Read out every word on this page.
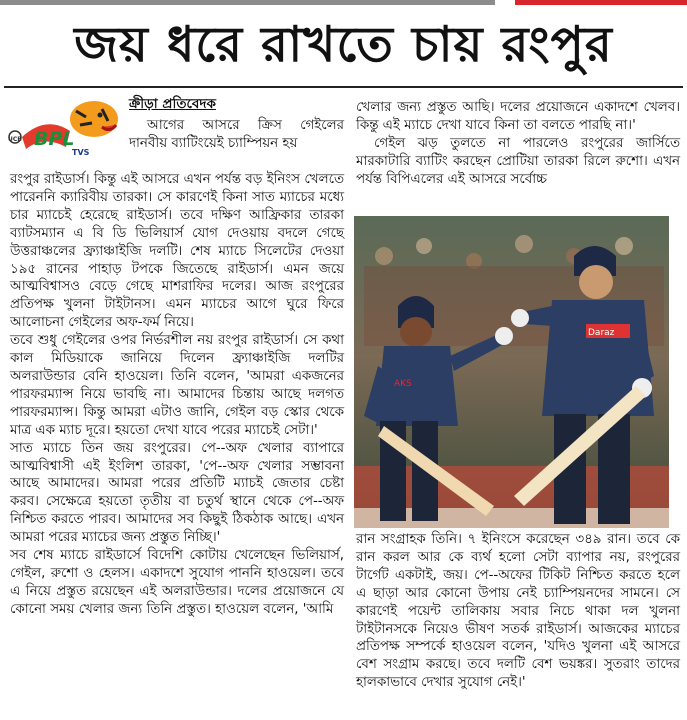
জয় ধরে রাখতে চায় রংপুর
UCB BPL
TVS
ক্রীড়া প্রতিবেদক

আগের আসরে ক্রিস গেইলের দানবীয় ব্যাটিংয়েই চ্যাম্পিয়ন হয়

রংপুর রাইডার্স। কিন্তু এই আসরে এখন পর্যন্ত বড় ইনিংস খেলতে পারেননি ক্যারিবীয় তারকা। সে কারণেই কিনা সাত ম্যাচের মধ্যে চার ম্যাচেই হেরেছে রাইডার্স। তবে দক্ষিণ আফ্রিকার তারকা ব্যাটসম্যান এ বি ডি ভিলিয়ার্স যোগ দেওয়ায় বদলে গেছে উত্তরাঞ্চলের ফ্র্যাঞ্চাইজি দলটি। শেষ ম্যাচে সিলেটের দেওয়া ১৯৫ রানের পাহাড় টপকে জিতেছে রাইডার্স। এমন জয়ে আত্মবিশ্বাসও বেড়ে গেছে মাশরাফির দলের। আজ রংপুরের প্রতিপক্ষ খুলনা টাইটানস। এমন ম্যাচের আগে ঘুরে ফিরে আলোচনা গেইলের অফ-ফর্ম নিয়ে।

তবে শুধু গেইলের ওপর নির্ভরশীল নয় রংপুর রাইডার্স। সে কথা কাল মিডিয়াকে জানিয়ে দিলেন ফ্র্যাঞ্চাইজি দলটির অলরাউন্ডার বেনি হাওয়েল। তিনি বলেন, 'আমরা একজনের পারফরম্যান্স নিয়ে ভাবছি না। আমাদের চিন্তায় আছে দলগত পারফরম্যান্স। কিন্তু আমরা এটাও জানি, গেইল বড় স্কোর থেকে মাত্র এক ম্যাচ দূরে। হয়তো দেখা যাবে পরের ম্যাচেই সেটা।'

সাত ম্যাচে তিন জয় রংপুরের। পে--অফ খেলার ব্যাপারে আত্মবিশ্বাসী এই ইংলিশ তারকা, 'পে--অফ খেলার সম্ভাবনা আছে আমাদের। আমরা পরের প্রতিটি ম্যাচই জেতার চেষ্টা করব। সেক্ষেত্রে হয়তো তৃতীয় বা চতুর্থ স্থানে থেকে পে--অফ নিশ্চিত করতে পারব। আমাদের সব কিছুই ঠিকঠাক আছে। এখন আমরা পরের ম্যাচের জন্য প্রস্তুত নিচ্ছি।'

সব শেষ ম্যাচে রাইডার্সে বিদেশি কোটায় খেলেছেন ভিলিয়ার্স, গেইল, রুশো ও হেলস। একাদশে সুযোগ পাননি হাওয়েল। তবে এ নিয়ে প্রস্তুত রয়েছেন এই অলরাউন্ডার। দলের প্রয়োজনে যে কোনো সময় খেলার জন্য তিনি প্রস্তুত। হাওয়েল বলেন, 'আমি

খেলার জন্য প্রস্তুত আছি। দলের প্রয়োজনে একাদশে খেলব। কিন্তু এই ম্যাচে দেখা যাবে কিনা তা বলতে পারছি না।'

গেইল ঝড় তুলতে না পারলেও রংপুরের জার্সিতে মারকাটারি ব্যাটিং করছেন প্রোটিয়া তারকা রিলে রুশো। এখন পর্যন্ত বিপিএলের এই আসরে সর্বোচ্চ

AKS
Daraz

রান সংগ্রাহক তিনি। ৭ ইনিংসে করেছেন ৩৪৯ রান। তবে কে রান করল আর কে ব্যর্থ হলো সেটা ব্যাপার নয়, রংপুরের টার্গেট একটাই, জয়। পে--অফের টিকিট নিশ্চিত করতে হলে এ ছাড়া আর কোনো উপায় নেই চ্যাম্পিয়নদের সামনে। সে কারণেই পয়েন্ট তালিকায় সবার নিচে থাকা দল খুলনা টাইটানসকে নিয়েও ভীষণ সতর্ক রাইডার্স। আজকের ম্যাচের প্রতিপক্ষ সম্পর্কে হাওয়েল বলেন, 'যদিও খুলনা এই আসরে বেশ সংগ্রাম করছে। তবে দলটি বেশ ভয়ঙ্কর। সুতরাং তাদের হালকাভাবে দেখার সুযোগ নেই।'
